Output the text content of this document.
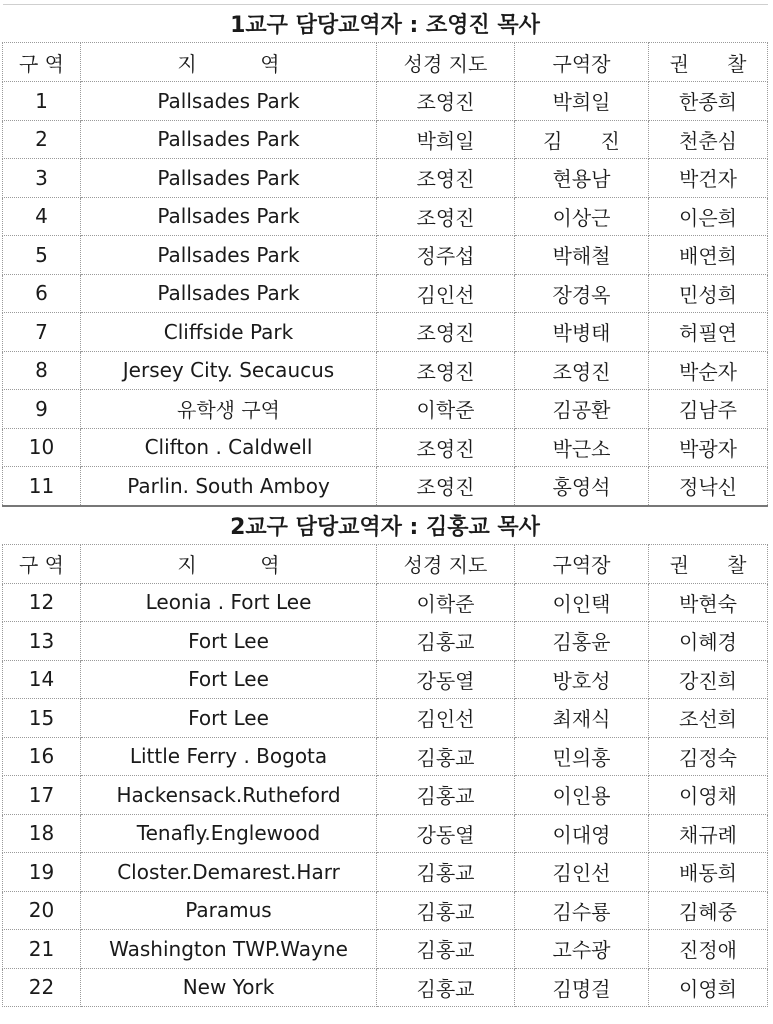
1교구 담당교역자 : 조영진 목사				
구 역	지          역	성경 지도	구역장	권      찰
1	Pallsades Park	조영진	박희일	한종희
2	Pallsades Park	박희일	김      진	천춘심
3	Pallsades Park	조영진	현용남	박건자
4	Pallsades Park	조영진	이상근	이은희
5	Pallsades Park	정주섭	박해철	배연희
6	Pallsades Park	김인선	장경옥	민성희
7	Cliffside Park	조영진	박병태	허필연
8	Jersey City. Secaucus	조영진	조영진	박순자
9	유학생 구역	이학준	김공환	김남주
10	Clifton . Caldwell	조영진	박근소	박광자
11	Parlin. South Amboy	조영진	홍영석	정낙신
2교구 담당교역자 : 김홍교 목사				
구 역	지          역	성경 지도	구역장	권      찰
12	Leonia . Fort Lee	이학준	이인택	박현숙
13	Fort Lee	김홍교	김홍윤	이혜경
14	Fort Lee	강동열	방호성	강진희
15	Fort Lee	김인선	최재식	조선희
16	Little Ferry . Bogota	김홍교	민의홍	김정숙
17	Hackensack.Rutheford	김홍교	이인용	이영채
18	Tenafly.Englewood	강동열	이대영	채규례
19	Closter.Demarest.Harr	김홍교	김인선	배동희
20	Paramus	김홍교	김수룡	김혜중
21	Washington TWP.Wayne	김홍교	고수광	진정애
22	New York	김홍교	김명걸	이영희
